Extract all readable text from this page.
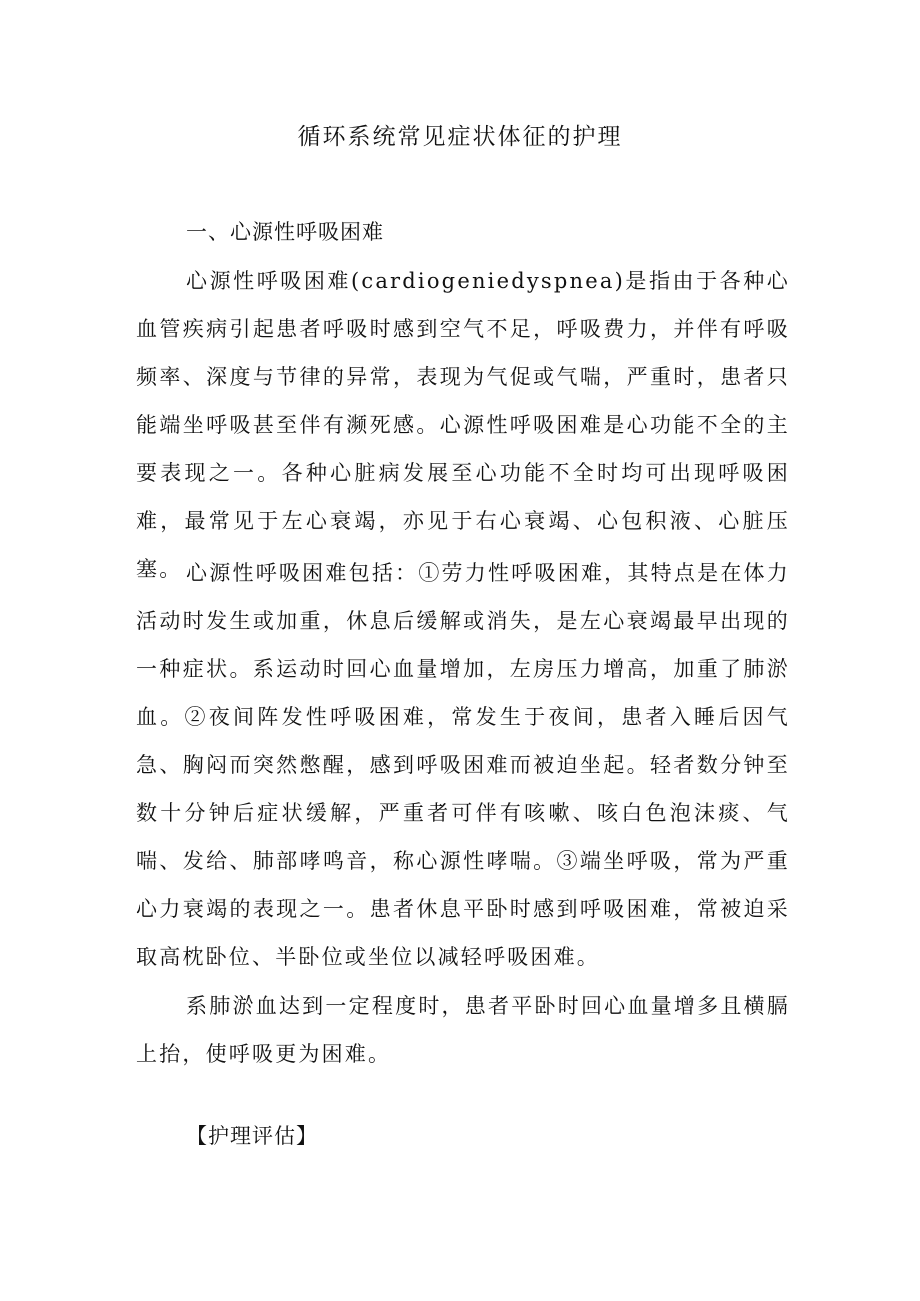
循环系统常见症状体征的护理
一、心源性呼吸困难

心源性呼吸困难(cardiogeniedyspnea)是指由于各种心血管疾病引起患者呼吸时感到空气不足，呼吸费力，并伴有呼吸频率、深度与节律的异常，表现为气促或气喘，严重时，患者只能端坐呼吸甚至伴有濒死感。心源性呼吸困难是心功能不全的主要表现之一。各种心脏病发展至心功能不全时均可出现呼吸困难，最常见于左心衰竭，亦见于右心衰竭、心包积液、心脏压塞。 心源性呼吸困难包括：①劳力性呼吸困难，其特点是在体力活动时发生或加重，休息后缓解或消失，是左心衰竭最早出现的一种症状。系运动时回心血量增加，左房压力增高，加重了肺淤血。②夜间阵发性呼吸困难，常发生于夜间，患者入睡后因气急、胸闷而突然憋醒，感到呼吸困难而被迫坐起。轻者数分钟至数十分钟后症状缓解，严重者可伴有咳嗽、咳白色泡沫痰、气喘、发给、肺部哮鸣音，称心源性哮喘。③端坐呼吸，常为严重心力衰竭的表现之一。患者休息平卧时感到呼吸困难，常被迫采取高枕卧位、半卧位或坐位以减轻呼吸困难。

系肺淤血达到一定程度时，患者平卧时回心血量增多且横膈上抬，使呼吸更为困难。

【护理评估】
